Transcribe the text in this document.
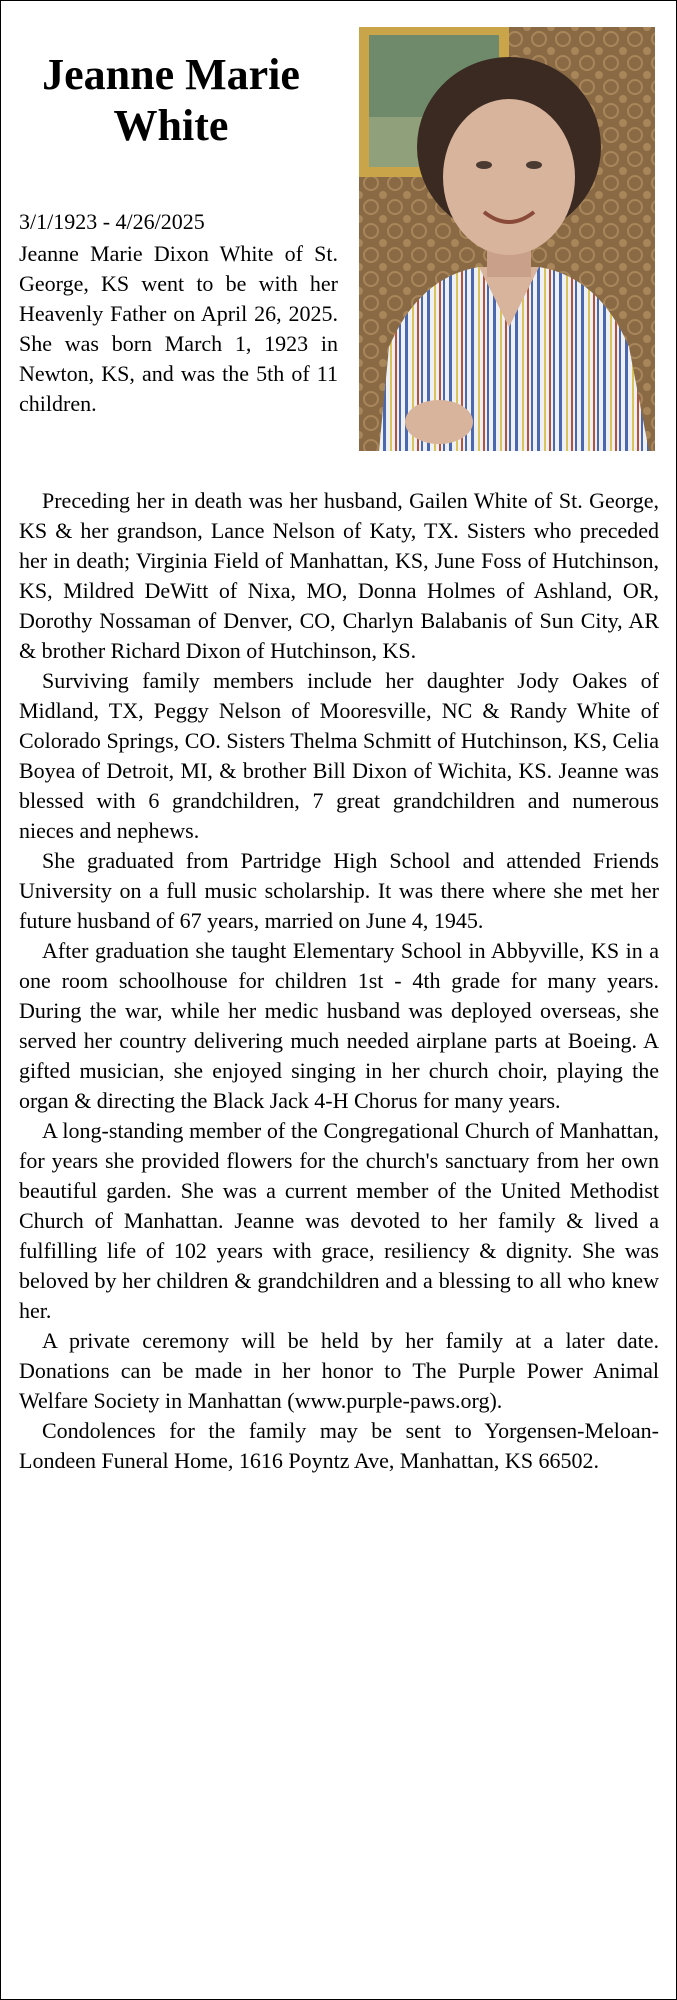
Jeanne Marie White
3/1/1923 - 4/26/2025
Jeanne Marie Dixon White of St. George, KS went to be with her Heavenly Father on April 26, 2025. She was born March 1, 1923 in Newton, KS, and was the 5th of 11 children.

Preceding her in death was her husband, Gailen White of St. George, KS & her grandson, Lance Nelson of Katy, TX. Sisters who preceded her in death; Virginia Field of Manhattan, KS, June Foss of Hutchinson, KS, Mildred DeWitt of Nixa, MO, Donna Holmes of Ashland, OR, Dorothy Nossaman of Denver, CO, Charlyn Balabanis of Sun City, AR & brother Richard Dixon of Hutchinson, KS.

Surviving family members include her daughter Jody Oakes of Midland, TX, Peggy Nelson of Mooresville, NC & Randy White of Colorado Springs, CO. Sisters Thelma Schmitt of Hutchinson, KS, Celia Boyea of Detroit, MI, & brother Bill Dixon of Wichita, KS. Jeanne was blessed with 6 grandchildren, 7 great grandchildren and numerous nieces and nephews.

She graduated from Partridge High School and attended Friends University on a full music scholarship. It was there where she met her future husband of 67 years, married on June 4, 1945.

After graduation she taught Elementary School in Abbyville, KS in a one room schoolhouse for children 1st - 4th grade for many years. During the war, while her medic husband was deployed overseas, she served her country delivering much needed airplane parts at Boeing. A gifted musician, she enjoyed singing in her church choir, playing the organ & directing the Black Jack 4-H Chorus for many years.

A long-standing member of the Congregational Church of Manhattan, for years she provided flowers for the church's sanctuary from her own beautiful garden. She was a current member of the United Methodist Church of Manhattan. Jeanne was devoted to her family & lived a fulfilling life of 102 years with grace, resiliency & dignity. She was beloved by her children & grandchildren and a blessing to all who knew her.

A private ceremony will be held by her family at a later date. Donations can be made in her honor to The Purple Power Animal Welfare Society in Manhattan (www.purple-paws.org).

Condolences for the family may be sent to Yorgensen-Meloan-Londeen Funeral Home, 1616 Poyntz Ave, Manhattan, KS 66502.
